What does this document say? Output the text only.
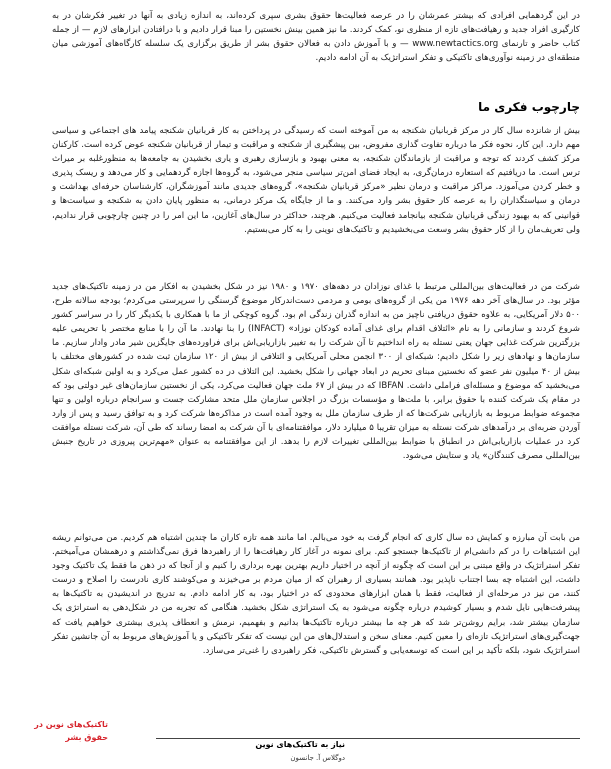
در این گردهمایی افرادی که بیشتر عمرشان را در عرصه فعالیت‌ها حقوق بشری سپری کرده‌اند، به اندازه زیادی به آنها در تغییر فکرشان در به کارگیری افراد جدید و رهیافت‌های تازه از منظری نو، کمک کردند. ما نیز همین بینش نخستین را مبنا قرار دادیم و با درافتادن ابزارهای لازم — از جمله کتاب حاضر و تارنمای www.newtactics.org — و با آموزش دادن به فعالان حقوق بشر از طریق برگزاری یک سلسله کارگاه‌های آموزشی میان منطقه‌ای در زمینه نوآوری‌های تاکتیکی و تفکر استراتژیک به آن ادامه دادیم.

چارچوب فکری ما

بیش از شانزده سال کار در مرکز قربانیان شکنجه به من آموخته است که رسیدگی در پرداختن به کار قربانیان شکنجه پیامد های اجتماعی و سیاسی مهم دارد. این کار، نحوه فکر ما درباره تفاوت گذاری مفروض، بین پیشگیری از شکنجه و مراقبت و تیمار از قربانیان شکنجه عوض کرده است. کارکنان مرکز کشف کردند که توجه و مراقبت از بازماندگان شکنجه، به معنی بهبود و بازسازی رهبری و یاری بخشیدن به جامعه‌ها به منظورغلبه بر میراث ترس است. ما دریافتیم که استعاره درمان‌گری، به ایجاد فضای امن‌تر سیاسی منجر می‌شود، به گروه‌ها اجازه گردهمایی و کار می‌دهد و ریسک پذیری و خطر کردن می‌آموزد. مراکز مراقبت و درمان نظیر «مرکز قربانیان شکنجه»، گروه‌های جدیدی مانند آموزشگران، کارشناسان حرفه‌ای بهداشت و درمان و سیاستگذاران را به عرصه کار حقوق بشر وارد می‌کنند. و ما از جایگاه یک مرکز درمانی، به منظور پایان دادن به شکنجه و سیاست‌ها و قوانینی که به بهبود زندگی قربانیان شکنجه بیانجامد فعالیت می‌کنیم. هرچند، حداکثر در سال‌های آغازین، ما این امر را در چنین چارچوبی قرار ندادیم، ولی تعریف‌مان را از کار حقوق بشر وسعت می‌بخشیدیم و تاکتیک‌های نوینی را به کار می‌بستیم.

شرکت من در فعالیت‌های بین‌المللی مرتبط با غذای نوزادان در دهه‌های ۱۹۷۰ و ۱۹۸۰ نیز در شکل بخشیدن به افکار من در زمینه تاکتیک‌های جدید مؤثر بود. در سال‌های آخر دهه ۱۹۷۶ من یکی از گروه‌های بومی و مردمی دست‌اندرکار موضوع گرسنگی را سرپرستی می‌کردم؛ بودجه سالانه طرح، ۵۰۰ دلار آمریکایی، به علاوه حقوق دریافتی ناچیز من به اندازه گذران زندگی ام بود. گروه کوچکی از ما با همکاری با یکدیگر کار را در سراسر کشور شروع کردند و سازمانی را به نام «ائتلاف اقدام برای غذای آماده کودکان نوزاد» (INFACT) را بنا نهادند. ما آن را با منابع مختصر با تحریمی علیه بزرگترین شرکت غذایی جهان یعنی نستله به راه انداختیم تا آن شرکت را به تغییر بازاریابی‌اش برای فراورده‌های جایگزین شیر مادر وادار سازیم. ما سازمان‌ها و نهادهای زیر را شکل دادیم: شبکه‌ای از ۳۰۰ انجمن محلی آمریکایی و ائتلافی از بیش از ۱۲۰ سازمان ثبت شده در کشورهای مختلف با بیش از ۴۰ میلیون نفر عضو که نخستین مبنای تحریم در ابعاد جهانی را شکل بخشید. این ائتلاف در ده کشور عمل می‌کرد و به اولین شبکه‌ای شکل می‌بخشید که موضوع و مسئله‌ای فراملی داشت. IBFAN که در بیش از ۶۷ ملت جهان فعالیت می‌کرد، یکی از نخستین سازمان‌های غیر دولتی بود که در مقام یک شرکت کننده با حقوق برابر، با ملت‌ها و مؤسسات بزرگ در اجلاس سازمان ملل متحد مشارکت جست و سرانجام درباره اولین و تنها مجموعه ضوابط مربوط به بازاریابی شرکت‌ها که از طرف سازمان ملل به وجود آمده است در مذاکره‌ها شرکت کرد و به توافق رسید و پس از وارد آوردن ضربه‌ای بر درآمدهای شرکت نستله به میزان تقریبا ۵ میلیارد دلار، موافقتنامه‌ای با آن شرکت به امضا رساند که طی آن، شرکت نستله موافقت کرد در عملیات بازاریابی‌اش در انطباق با ضوابط بین‌المللی تغییرات لازم را بدهد. از این موافقتنامه به عنوان «مهم‌ترین پیروزی در تاریخ جنبش بین‌المللی مصرف کنندگان» یاد و ستایش می‌شود.

من بابت آن مبارزه و کمایش ده سال کاری که انجام گرفت به خود می‌بالم. اما مانند همه تازه کاران ما چندین اشتباه هم کردیم. من می‌توانم ریشه این اشتباهات را در کم دانشی‌ام از تاکتیک‌ها جستجو کنم. برای نمونه در آغاز کار رهیافت‌ها را از راهبردها فرق نمی‌گذاشتم و درهمشان می‌آمیختم. تفکر استراتژیک در واقع مبتنی بر این است که چگونه از آنچه در اختیار داریم بهترین بهره برداری را کنیم و از آنجا که در ذهن ما فقط یک تاکتیک وجود داشت، این اشتباه چه بسا اجتناب ناپذیر بود. همانند بسیاری از رهبران که از میان مردم بر می‌خیزند و می‌کوشند کاری نادرست را اصلاح و درست کنند، من نیز در مرحله‌ای از فعالیت، فقط با همان ابزارهای محدودی که در اختیار بود، به کار ادامه دادم. به تدریج در اندیشیدن به تاکتیک‌ها به پیشرفت‌هایی نایل شدم و بسیار کوشیدم درباره چگونه می‌شود به یک استراتژی شکل بخشید. هنگامی که تجربه من در شکل‌دهی به استراتژی یک سازمان بیشتر شد، برایم روشن‌تر شد که هر چه ما بیشتر درباره تاکتیک‌ها بدانیم و بفهمیم، نرمش و انعطاف پذیری بیشتری خواهیم یافت که جهت‌گیری‌های استراتژیک تازه‌ای را معین کنیم. معنای سخن و استدلال‌های من این نیست که تفکر تاکتیکی و یا آموزش‌های مربوط به آن جانشین تفکر استراتژیک شود، بلکه تأکید بر این است که توسعه‌یابی و گسترش تاکتیکی، فکر راهبردی را غنی‌تر می‌سازد.

نیاز به تاکتیک‌های نوین
دوگلاس آ. جانسون
تاکتیک‌های نوین در
حقوق بشر
